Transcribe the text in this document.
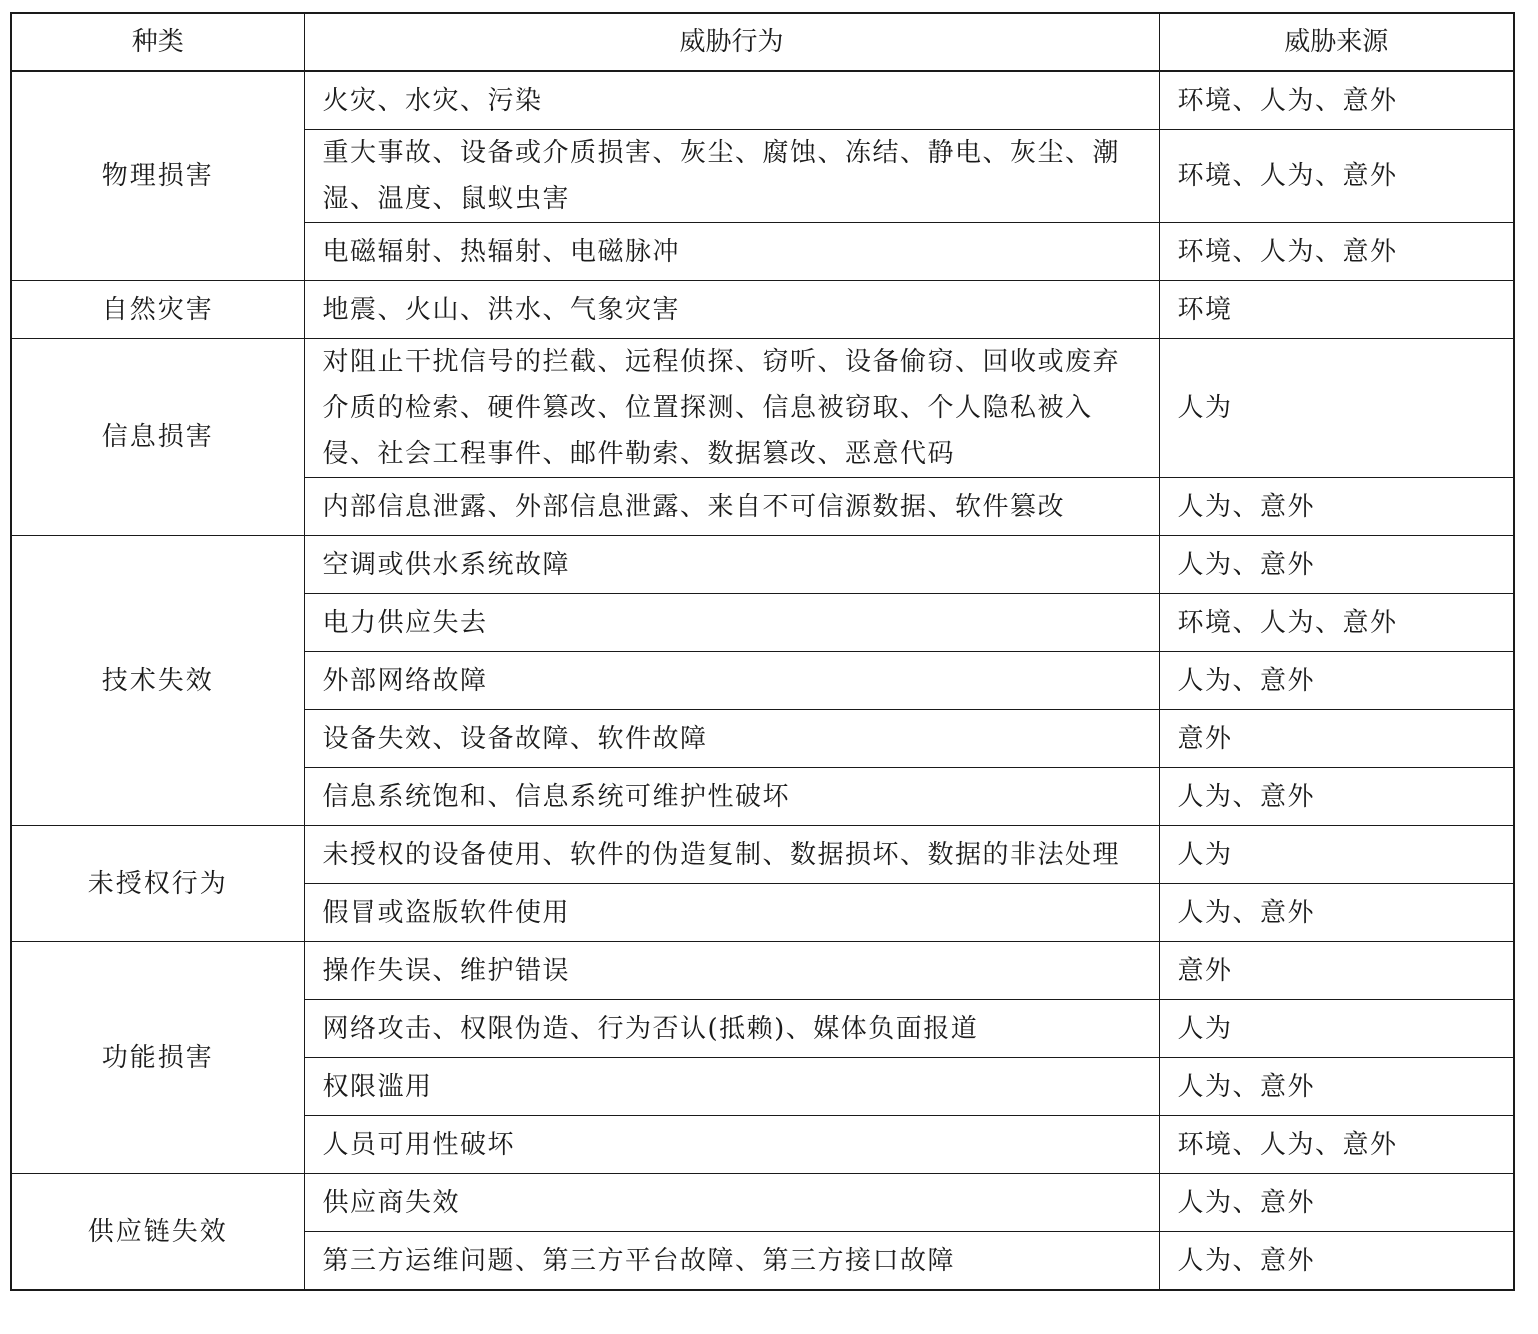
种类	威胁行为	威胁来源
物理损害	火灾、水灾、污染	环境、人为、意外
	重大事故、设备或介质损害、灰尘、腐蚀、冻结、静电、灰尘、潮湿、温度、鼠蚁虫害	环境、人为、意外
	电磁辐射、热辐射、电磁脉冲	环境、人为、意外
自然灾害	地震、火山、洪水、气象灾害	环境
信息损害	对阻止干扰信号的拦截、远程侦探、窃听、设备偷窃、回收或废弃介质的检索、硬件篡改、位置探测、信息被窃取、个人隐私被入侵、社会工程事件、邮件勒索、数据篡改、恶意代码	人为
	内部信息泄露、外部信息泄露、来自不可信源数据、软件篡改	人为、意外
技术失效	空调或供水系统故障	人为、意外
	电力供应失去	环境、人为、意外
	外部网络故障	人为、意外
	设备失效、设备故障、软件故障	意外
	信息系统饱和、信息系统可维护性破坏	人为、意外
未授权行为	未授权的设备使用、软件的伪造复制、数据损坏、数据的非法处理	人为
	假冒或盗版软件使用	人为、意外
功能损害	操作失误、维护错误	意外
	网络攻击、权限伪造、行为否认(抵赖)、媒体负面报道	人为
	权限滥用	人为、意外
	人员可用性破坏	环境、人为、意外
供应链失效	供应商失效	人为、意外
	第三方运维问题、第三方平台故障、第三方接口故障	人为、意外
